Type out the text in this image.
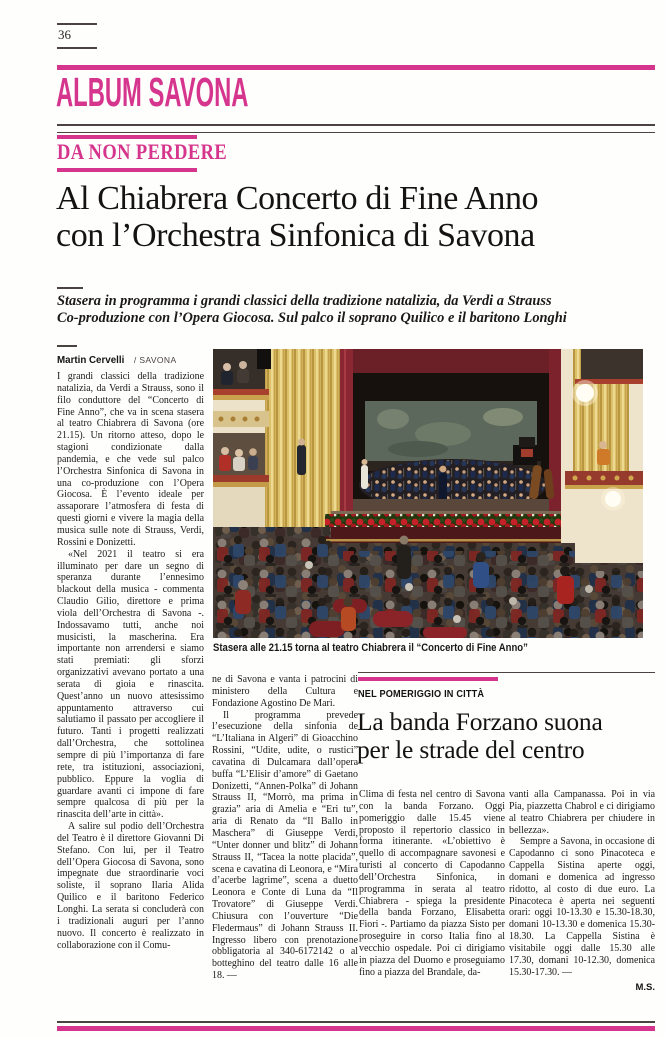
36
ALBUM SAVONA
DA NON PERDERE
Al Chiabrera Concerto di Fine Anno
con l’Orchestra Sinfonica di Savona

Stasera in programma i grandi classici della tradizione natalizia, da Verdi a Strauss
Co-produzione con l’Opera Giocosa. Sul palco il soprano Quilico e il baritono Longhi

Martin Cervelli / SAVONA

I grandi classici della tradizione natalizia, da Verdi a Strauss, sono il filo conduttore del “Concerto di Fine Anno”, che va in scena stasera al teatro Chiabrera di Savona (ore 21.15). Un ritorno atteso, dopo le stagioni condizionate dalla pandemia, e che vede sul palco l’Orchestra Sinfonica di Savona in una co-produzione con l’Opera Giocosa. È l’evento ideale per assaporare l’atmosfera di festa di questi giorni e vivere la magia della musica sulle note di Strauss, Verdi, Rossini e Donizetti.

«Nel 2021 il teatro si era illuminato per dare un segno di speranza durante l’ennesimo blackout della musica - commenta Claudio Gilio, direttore e prima viola dell’Orchestra di Savona -. Indossavamo tutti, anche noi musicisti, la mascherina. Era importante non arrendersi e siamo stati premiati: gli sforzi organizzativi avevano portato a una serata di gioia e rinascita. Quest’anno un nuovo attesissimo appuntamento attraverso cui salutiamo il passato per accogliere il futuro. Tanti i progetti realizzati dall’Orchestra, che sottolinea sempre di più l’importanza di fare rete, tra istituzioni, associazioni, pubblico. Eppure la voglia di guardare avanti ci impone di fare sempre qualcosa di più per la rinascita dell’arte in città».

A salire sul podio dell’Orchestra del Teatro è il direttore Giovanni Di Stefano. Con lui, per il Teatro dell’Opera Giocosa di Savona, sono impegnate due straordinarie voci soliste, il soprano Ilaria Alida Quilico e il baritono Federico Longhi. La serata si concluderà con i tradizionali auguri per l’anno nuovo. Il concerto è realizzato in collaborazione con il Comu-

Stasera alle 21.15 torna al teatro Chiabrera il “Concerto di Fine Anno”

ne di Savona e vanta i patrocini di ministero della Cultura e Fondazione Agostino De Mari.

Il programma prevede l’esecuzione della sinfonia de “L’Italiana in Algeri” di Gioacchino Rossini, “Udite, udite, o rustici” cavatina di Dulcamara dall’opera buffa “L’Elisir d’amore” di Gaetano Donizetti, “Annen-Polka” di Johann Strauss II, “Morrò, ma prima in grazia” aria di Amelia e “Eri tu”, aria di Renato da “Il Ballo in Maschera” di Giuseppe Verdi, “Unter donner und blitz” di Johann Strauss II, “Tacea la notte placida”, scena e cavatina di Leonora, e “Mira d’acerbe lagrime”, scena a duetto Leonora e Conte di Luna da “Il Trovatore” di Giuseppe Verdi. Chiusura con l’ouverture “Die Fledermaus” di Johann Strauss II. Ingresso libero con prenotazione obbligatoria al 340-6172142 o al botteghino del teatro dalle 16 alle 18. —

NEL POMERIGGIO IN CITTÀ
La banda Forzano suona
per le strade del centro

Clima di festa nel centro di Savona con la banda Forzano. Oggi pomeriggio dalle 15.45 viene proposto il repertorio classico in forma itinerante. «L’obiettivo è quello di accompagnare savonesi e turisti al concerto di Capodanno dell’Orchestra Sinfonica, in programma in serata al teatro Chiabrera - spiega la presidente della banda Forzano, Elisabetta Fiori -. Partiamo da piazza Sisto per proseguire in corso Italia fino al vecchio ospedale. Poi ci dirigiamo in piazza del Duomo e proseguiamo fino a piazza del Brandale, da-

vanti alla Campanassa. Poi in via Pia, piazzetta Chabrol e ci dirigiamo al teatro Chiabrera per chiudere in bellezza».

Sempre a Savona, in occasione di Capodanno ci sono Pinacoteca e Cappella Sistina aperte oggi, domani e domenica ad ingresso ridotto, al costo di due euro. La Pinacoteca è aperta nei seguenti orari: oggi 10-13.30 e 15.30-18.30, domani 10-13.30 e domenica 15.30-18.30. La Cappella Sistina è visitabile oggi dalle 15.30 alle 17.30, domani 10-12.30, domenica 15.30-17.30. —

M.S.
